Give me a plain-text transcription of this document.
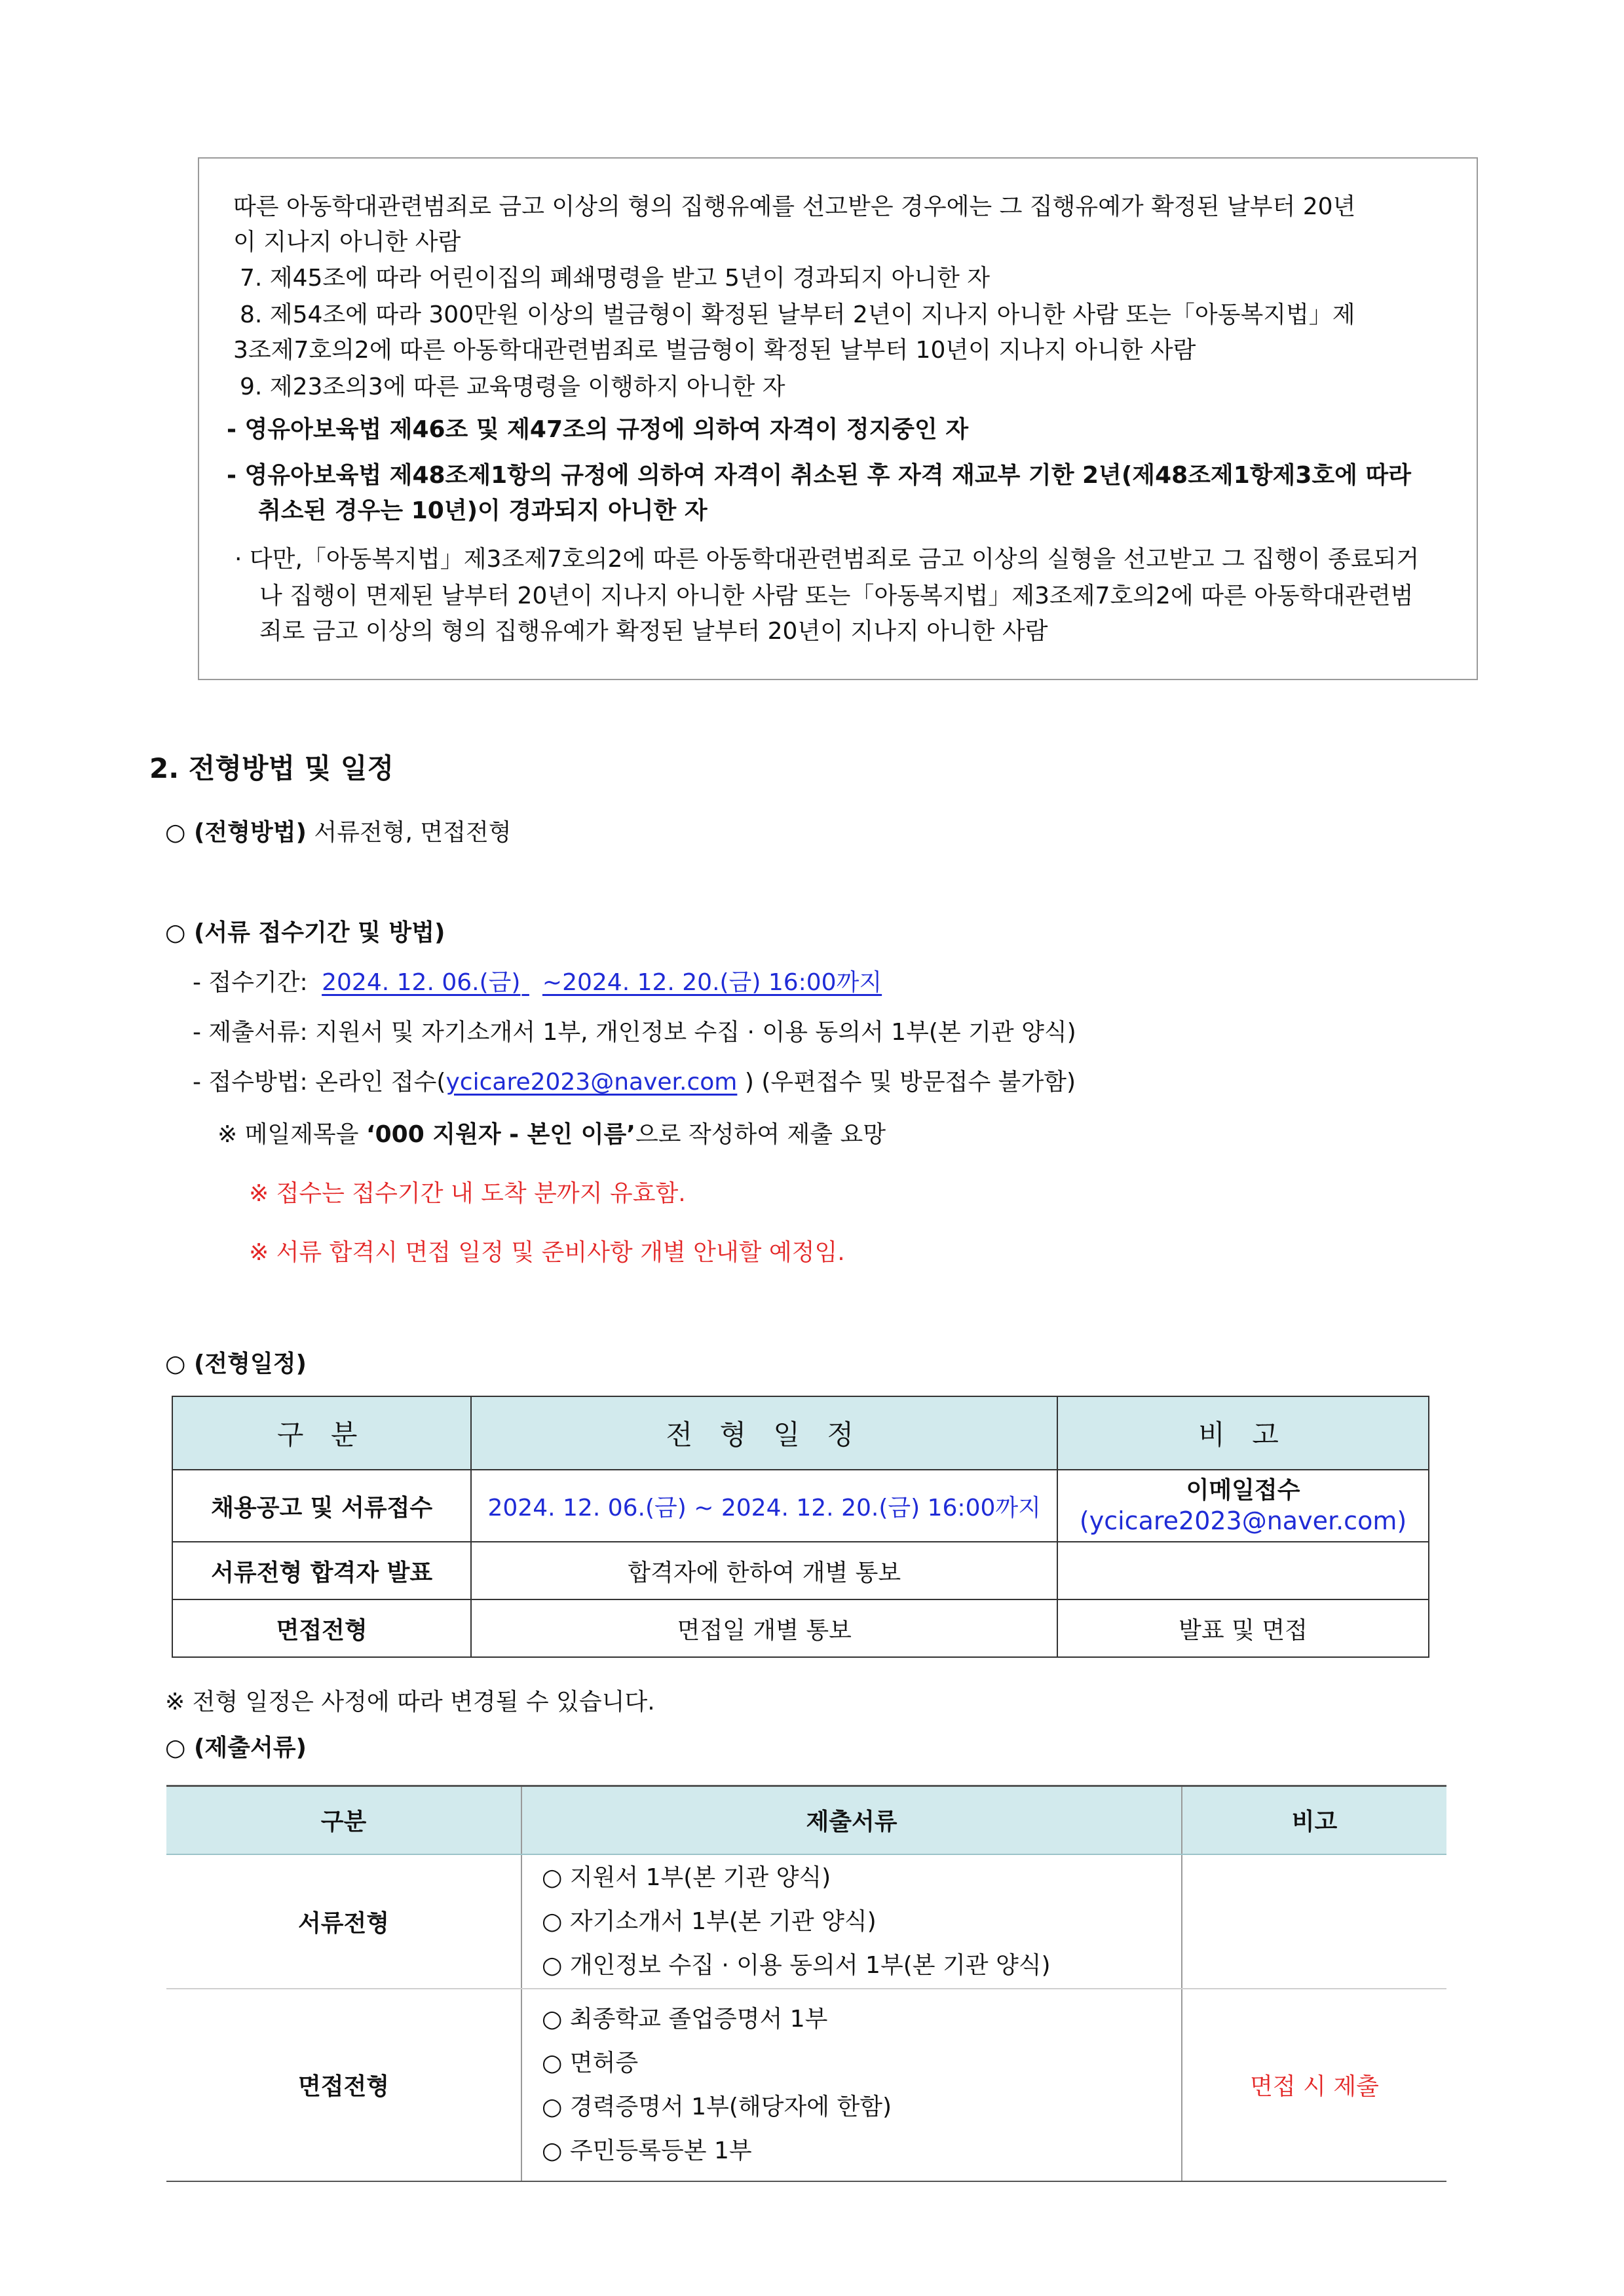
따른 아동학대관련범죄로 금고 이상의 형의 집행유예를 선고받은 경우에는 그 집행유예가 확정된 날부터 20년
이 지나지 아니한 사람
7. 제45조에 따라 어린이집의 폐쇄명령을 받고 5년이 경과되지 아니한 자
8. 제54조에 따라 300만원 이상의 벌금형이 확정된 날부터 2년이 지나지 아니한 사람 또는「아동복지법」제
3조제7호의2에 따른 아동학대관련범죄로 벌금형이 확정된 날부터 10년이 지나지 아니한 사람
9. 제23조의3에 따른 교육명령을 이행하지 아니한 자
- 영유아보육법 제46조 및 제47조의 규정에 의하여 자격이 정지중인 자
- 영유아보육법 제48조제1항의 규정에 의하여 자격이 취소된 후 자격 재교부 기한 2년(제48조제1항제3호에 따라
취소된 경우는 10년)이 경과되지 아니한 자
· 다만,「아동복지법」제3조제7호의2에 따른 아동학대관련범죄로 금고 이상의 실형을 선고받고 그 집행이 종료되거
나 집행이 면제된 날부터 20년이 지나지 아니한 사람 또는「아동복지법」제3조제7호의2에 따른 아동학대관련범
죄로 금고 이상의 형의 집행유예가 확정된 날부터 20년이 지나지 아니한 사람
2. 전형방법 및 일정
○ (전형방법) 서류전형, 면접전형
○ (서류 접수기간 및 방법)
- 접수기간: 2024. 12. 06.(금) ~2024. 12. 20.(금) 16:00까지
- 제출서류: 지원서 및 자기소개서 1부, 개인정보 수집 · 이용 동의서 1부(본 기관 양식)
- 접수방법: 온라인 접수(ycicare2023@naver.com ) (우편접수 및 방문접수 불가함)
※ 메일제목을 ‘000 지원자 - 본인 이름’으로 작성하여 제출 요망
※ 접수는 접수기간 내 도착 분까지 유효함.
※ 서류 합격시 면접 일정 및 준비사항 개별 안내할 예정임.
○ (전형일정)
구 분	전 형 일 정	비 고
채용공고 및 서류접수	2024. 12. 06.(금) ~ 2024. 12. 20.(금) 16:00까지	이메일접수
(ycicare2023@naver.com)

서류전형 합격자 발표	합격자에 한하여 개별 통보	
면접전형	면접일 개별 통보	발표 및 면접
※ 전형 일정은 사정에 따라 변경될 수 있습니다.
○ (제출서류)
구분	제출서류	비고
서류전형	○ 지원서 1부(본 기관 양식)
○ 자기소개서 1부(본 기관 양식)
○ 개인정보 수집 · 이용 동의서 1부(본 기관 양식)	

면접전형	○ 최종학교 졸업증명서 1부
○ 면허증
○ 경력증명서 1부(해당자에 한함)
○ 주민등록등본 1부	면접 시 제출
